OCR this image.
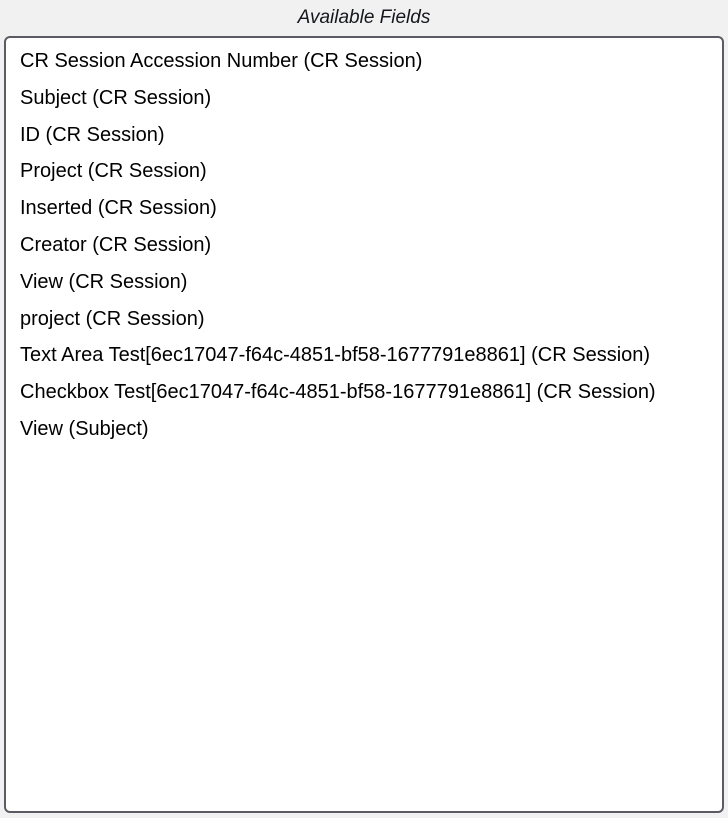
Available Fields
CR Session Accession Number (CR Session)
Subject (CR Session)
ID (CR Session)
Project (CR Session)
Inserted (CR Session)
Creator (CR Session)
View (CR Session)
project (CR Session)
Text Area Test[6ec17047-f64c-4851-bf58-1677791e8861] (CR Session)
Checkbox Test[6ec17047-f64c-4851-bf58-1677791e8861] (CR Session)
View (Subject)
